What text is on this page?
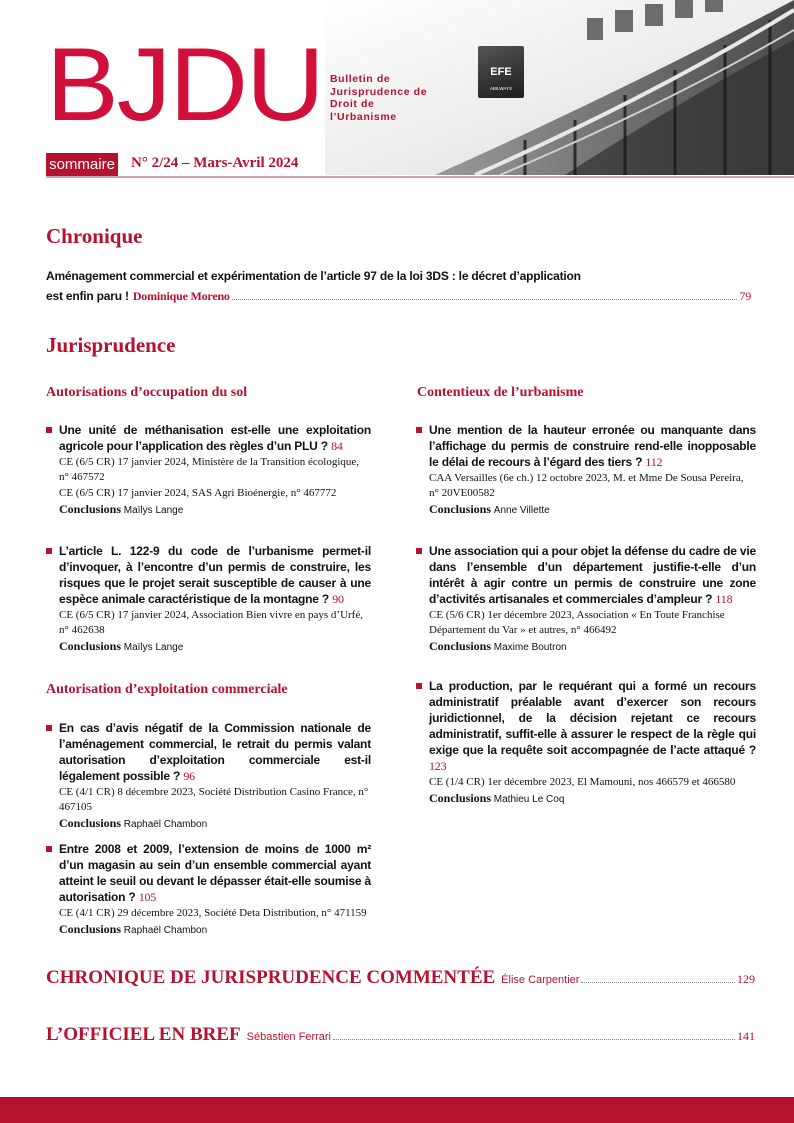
BJDU Bulletin de
Jurisprudence de
Droit de
l’Urbanisme
EFE
ABILWAYS
sommaire N° 2/24 – Mars-Avril 2024
Chronique
Aménagement commercial et expérimentation de l’article 97 de la loi 3DS : le décret d’application
est enfin paru ! Dominique Moreno	79
Jurisprudence
Autorisations d’occupation du sol	Contentieux de l’urbanisme
Autorisation d’exploitation commerciale
Une unité de méthanisation est-elle une exploitation agricole pour l’application des règles d’un PLU ? 84
CE (6/5 CR) 17 janvier 2024, Ministère de la Transition écologique, n° 467572
CE (6/5 CR) 17 janvier 2024, SAS Agri Bioénergie, n° 467772
Conclusions Maïlys Lange
L’article L. 122-9 du code de l’urbanisme permet-il d’invoquer, à l’encontre d’un permis de construire, les risques que le projet serait susceptible de causer à une espèce animale caractéristique de la montagne ? 90
CE (6/5 CR) 17 janvier 2024, Association Bien vivre en pays d’Urfé, n° 462638
Conclusions Maïlys Lange
En cas d’avis négatif de la Commission nationale de l’aménagement commercial, le retrait du permis valant autorisation d’exploitation commerciale est-il légalement possible ? 96
CE (4/1 CR) 8 décembre 2023, Société Distribution Casino France, n° 467105
Conclusions Raphaël Chambon
Entre 2008 et 2009, l’extension de moins de 1000 m² d’un magasin au sein d’un ensemble commercial ayant atteint le seuil ou devant le dépasser était-elle soumise à autorisation ? 105
CE (4/1 CR) 29 décembre 2023, Société Deta Distribution, n° 471159
Conclusions Raphaël Chambon
Une mention de la hauteur erronée ou manquante dans l’affichage du permis de construire rend-elle inopposable le délai de recours à l’égard des tiers ? 112
CAA Versailles (6e ch.) 12 octobre 2023, M. et Mme De Sousa Pereira, n° 20VE00582
Conclusions Anne Villette
Une association qui a pour objet la défense du cadre de vie dans l’ensemble d’un département justifie-t-elle d’un intérêt à agir contre un permis de construire une zone d’activités artisanales et commerciales d’ampleur ? 118
CE (5/6 CR) 1er décembre 2023, Association « En Toute Franchise Département du Var » et autres, n° 466492
Conclusions Maxime Boutron
La production, par le requérant qui a formé un recours administratif préalable avant d’exercer son recours juridictionnel, de la décision rejetant ce recours administratif, suffit-elle à assurer le respect de la règle qui exige que la requête soit accompagnée de l’acte attaqué ? 123
CE (1/4 CR) 1er décembre 2023, El Mamouni, nos 466579 et 466580
Conclusions Mathieu Le Coq
CHRONIQUE DE JURISPRUDENCE COMMENTÉE Élise Carpentier	129
L’OFFICIEL EN BREF Sébastien Ferrari	141
